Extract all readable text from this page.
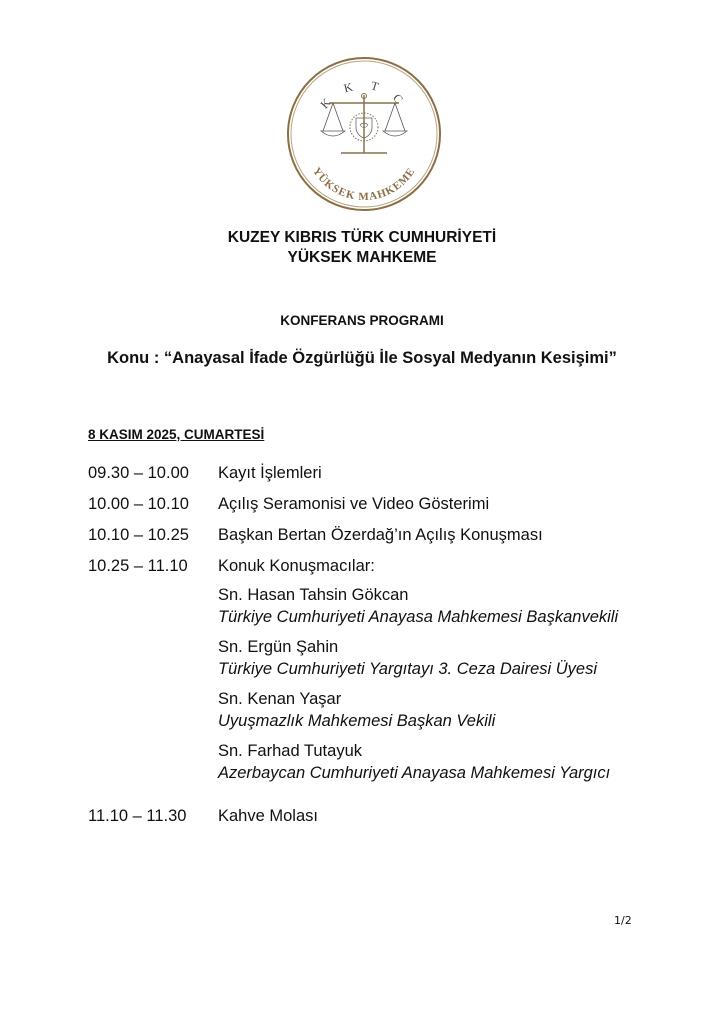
K K T C
YÜKSEK MAHKEME
KUZEY KIBRIS TÜRK CUMHURİYETİ
YÜKSEK MAHKEME
KONFERANS PROGRAMI
Konu : “Anayasal İfade Özgürlüğü İle Sosyal Medyanın Kesişimi”
8 KASIM 2025, CUMARTESİ
09.30 – 10.00 Kayıt İşlemleri
10.00 – 10.10 Açılış Seramonisi ve Video Gösterimi
10.10 – 10.25 Başkan Bertan Özerdağ’ın Açılış Konuşması
10.25 – 11.10 Konuk Konuşmacılar:
Sn. Hasan Tahsin Gökcan
Türkiye Cumhuriyeti Anayasa Mahkemesi Başkanvekili
Sn. Ergün Şahin
Türkiye Cumhuriyeti Yargıtayı 3. Ceza Dairesi Üyesi
Sn. Kenan Yaşar
Uyuşmazlık Mahkemesi Başkan Vekili
Sn. Farhad Tutayuk
Azerbaycan Cumhuriyeti Anayasa Mahkemesi Yargıcı
11.10 – 11.30 Kahve Molası
1/2
